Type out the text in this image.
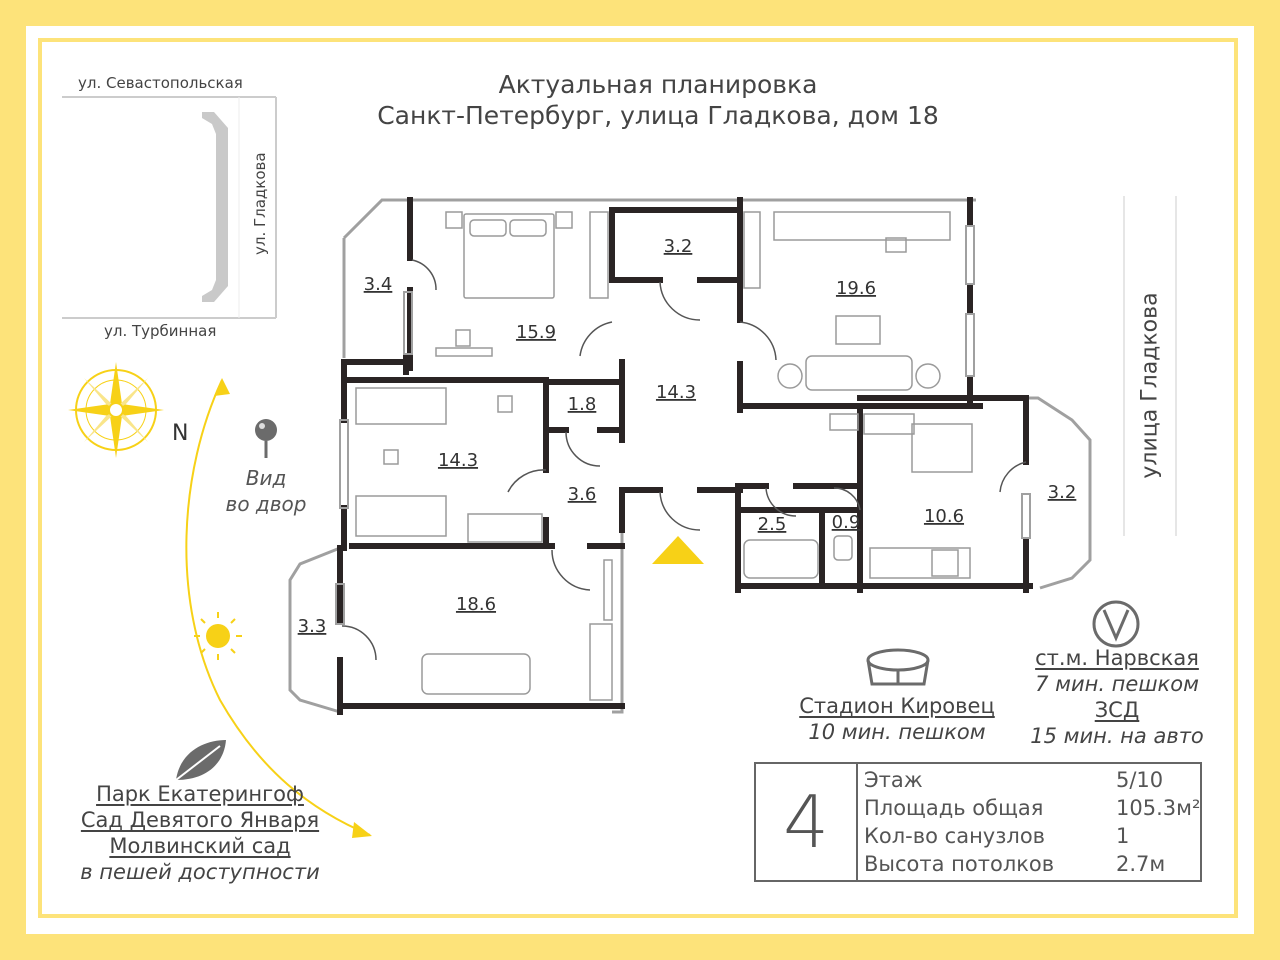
Актуальная планировка
Санкт-Петербург, улица Гладкова, дом 18
3.4
15.9
3.2
19.6
14.3
1.8
14.3
3.6
2.5	0.9	10.6
3.2
3.3
18.6
ул. Севастопольская
ул. Гладкова
ул. Турбинная	улица Гладкова
N
Вид
во двор
Стадион Кировец
10 мин. пешком
ст.м. Нарвская
7 мин. пешком
ЗСД
15 мин. на авто
Парк Екатерингоф
Сад Девятого Января
Молвинский сад
в пешей доступности
4	Этаж	5/10
Площадь общая	105.3м²
Кол-во санузлов	1
Высота потолков	2.7м
